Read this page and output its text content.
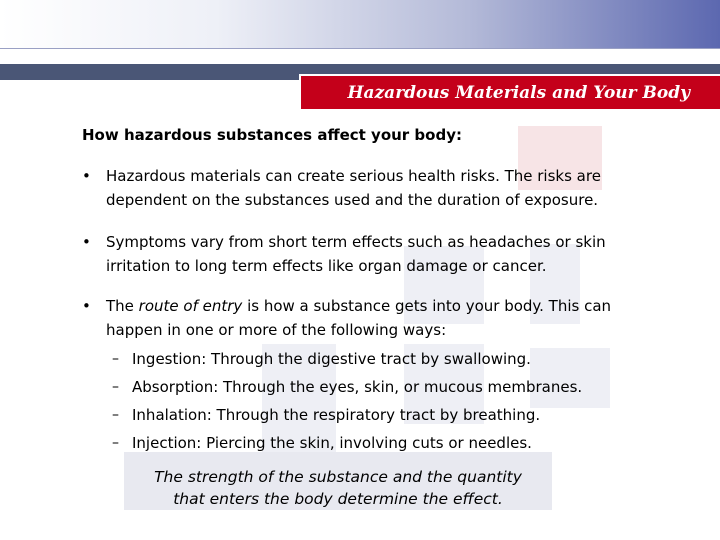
Hazardous Materials and Your Body
How hazardous substances affect your body:
•	Hazardous materials can create serious health risks. The risks are dependent on the substances used and the duration of exposure.
•	Symptoms vary from short term effects such as headaches or skin irritation to long term effects like organ damage or cancer.
•	The route of entry is how a substance gets into your body. This can happen in one or more of the following ways:
– Ingestion: Through the digestive tract by swallowing.
– Absorption: Through the eyes, skin, or mucous membranes.
– Inhalation: Through the respiratory tract by breathing.
– Injection: Piercing the skin, involving cuts or needles.
The strength of the substance and the quantity
that enters the body determine the effect.
